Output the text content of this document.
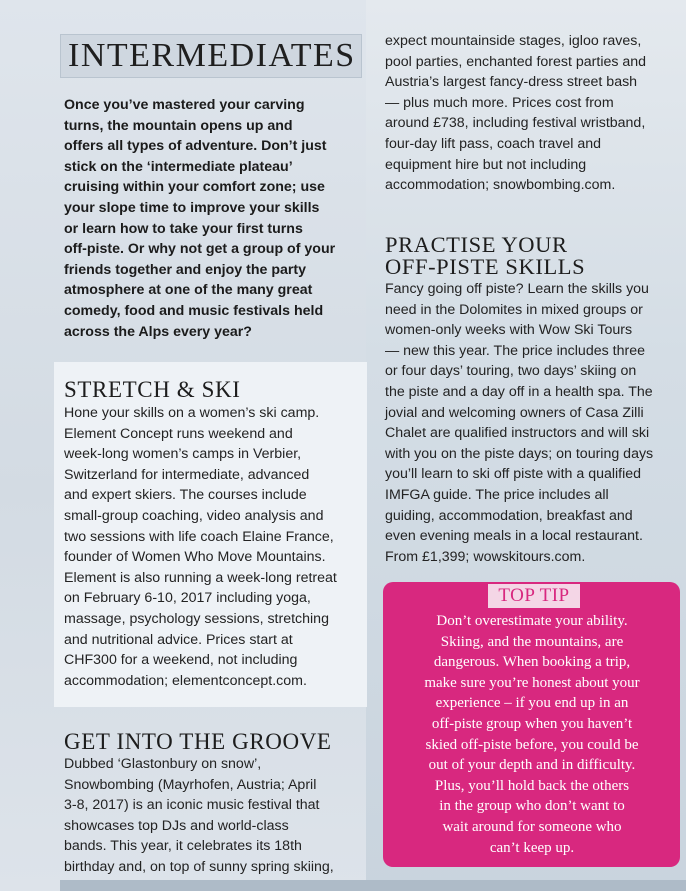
INTERMEDIATES
Once you’ve mastered your carving
turns, the mountain opens up and
offers all types of adventure. Don’t just
stick on the ‘intermediate plateau’
cruising within your comfort zone; use
your slope time to improve your skills
or learn how to take your first turns
off-piste. Or why not get a group of your
friends together and enjoy the party
atmosphere at one of the many great
comedy, food and music festivals held
across the Alps every year?
STRETCH & SKI
Hone your skills on a women’s ski camp.
Element Concept runs weekend and
week-long women’s camps in Verbier,
Switzerland for intermediate, advanced
and expert skiers. The courses include
small-group coaching, video analysis and
two sessions with life coach Elaine France,
founder of Women Who Move Mountains.
Element is also running a week-long retreat
on February 6-10, 2017 including yoga,
massage, psychology sessions, stretching
and nutritional advice. Prices start at
CHF300 for a weekend, not including
accommodation; elementconcept.com.
GET INTO THE GROOVE
Dubbed ‘Glastonbury on snow’,
Snowbombing (Mayrhofen, Austria; April
3-8, 2017) is an iconic music festival that
showcases top DJs and world-class
bands. This year, it celebrates its 18th
birthday and, on top of sunny spring skiing,
expect mountainside stages, igloo raves,
pool parties, enchanted forest parties and
Austria’s largest fancy-dress street bash
— plus much more. Prices cost from
around £738, including festival wristband,
four-day lift pass, coach travel and
equipment hire but not including
accommodation; snowbombing.com.
PRACTISE YOUR
OFF-PISTE SKILLS
Fancy going off piste? Learn the skills you
need in the Dolomites in mixed groups or
women-only weeks with Wow Ski Tours
— new this year. The price includes three
or four days’ touring, two days’ skiing on
the piste and a day off in a health spa. The
jovial and welcoming owners of Casa Zilli
Chalet are qualified instructors and will ski
with you on the piste days; on touring days
you’ll learn to ski off piste with a qualified
IMFGA guide. The price includes all
guiding, accommodation, breakfast and
even evening meals in a local restaurant.
From £1,399; wowskitours.com.
TOP TIP
Don’t overestimate your ability.
Skiing, and the mountains, are
dangerous. When booking a trip,
make sure you’re honest about your
experience – if you end up in an
off-piste group when you haven’t
skied off-piste before, you could be
out of your depth and in difficulty.
Plus, you’ll hold back the others
in the group who don’t want to
wait around for someone who
can’t keep up.
